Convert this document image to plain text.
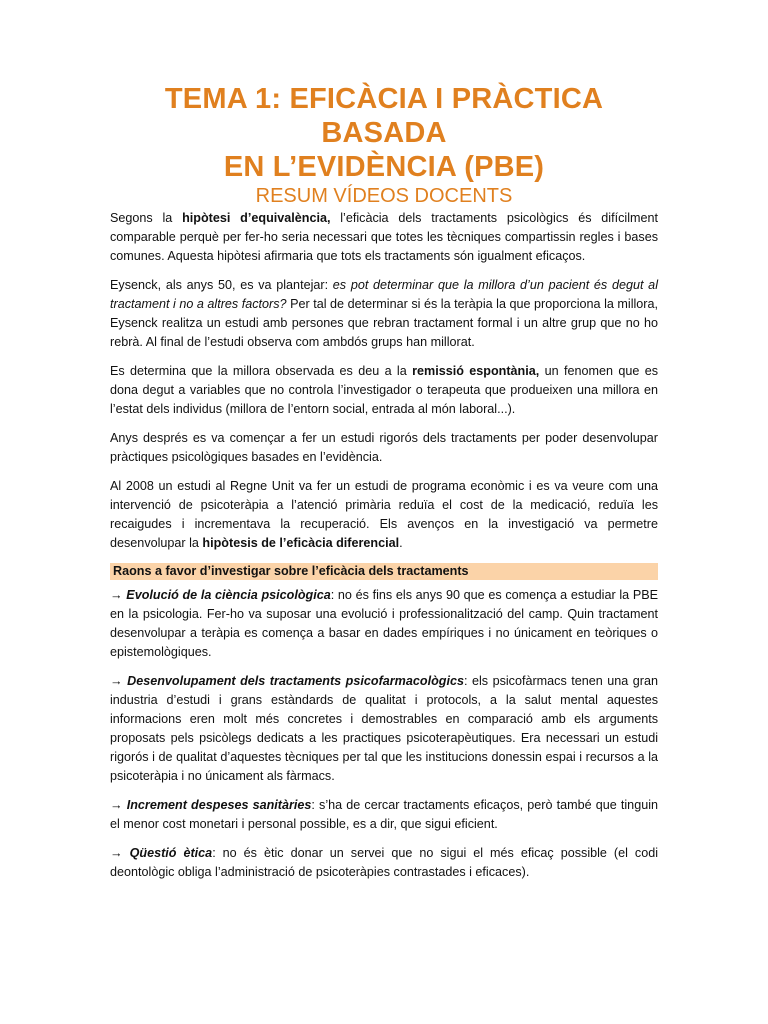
TEMA 1: EFICÀCIA I PRÀCTICA BASADA
EN L’EVIDÈNCIA (PBE)
RESUM VÍDEOS DOCENTS

Segons la hipòtesi d’equivalència, l’eficàcia dels tractaments psicològics és difícilment comparable perquè per fer-ho seria necessari que totes les tècniques compartissin regles i bases comunes. Aquesta hipòtesi afirmaria que tots els tractaments són igualment eficaços.

Eysenck, als anys 50, es va plantejar: es pot determinar que la millora d’un pacient és degut al tractament i no a altres factors? Per tal de determinar si és la teràpia la que proporciona la millora, Eysenck realitza un estudi amb persones que rebran tractament formal i un altre grup que no ho rebrà. Al final de l’estudi observa com ambdós grups han millorat.

Es determina que la millora observada es deu a la remissió espontània, un fenomen que es dona degut a variables que no controla l’investigador o terapeuta que produeixen una millora en l’estat dels individus (millora de l’entorn social, entrada al món laboral...).

Anys després es va començar a fer un estudi rigorós dels tractaments per poder desenvolupar pràctiques psicològiques basades en l’evidència.

Al 2008 un estudi al Regne Unit va fer un estudi de programa econòmic i es va veure com una intervenció de psicoteràpia a l’atenció primària reduïa el cost de la medicació, reduïa les recaigudes i incrementava la recuperació. Els avenços en la investigació va permetre desenvolupar la hipòtesis de l’eficàcia diferencial.

Raons a favor d’investigar sobre l’eficàcia dels tractaments

→ Evolució de la ciència psicològica: no és fins els anys 90 que es comença a estudiar la PBE en la psicologia. Fer-ho va suposar una evolució i professionalització del camp. Quin tractament desenvolupar a teràpia es comença a basar en dades empíriques i no únicament en teòriques o epistemològiques.

→ Desenvolupament dels tractaments psicofarmacològics: els psicofàrmacs tenen una gran industria d’estudi i grans estàndards de qualitat i protocols, a la salut mental aquestes informacions eren molt més concretes i demostrables en comparació amb els arguments proposats pels psicòlegs dedicats a les practiques psicoterapèutiques. Era necessari un estudi rigorós i de qualitat d’aquestes tècniques per tal que les institucions donessin espai i recursos a la psicoteràpia i no únicament als fàrmacs.

→ Increment despeses sanitàries: s’ha de cercar tractaments eficaços, però també que tinguin el menor cost monetari i personal possible, es a dir, que sigui eficient.

→ Qüestió ètica: no és ètic donar un servei que no sigui el més eficaç possible (el codi deontològic obliga l’administració de psicoteràpies contrastades i eficaces).
